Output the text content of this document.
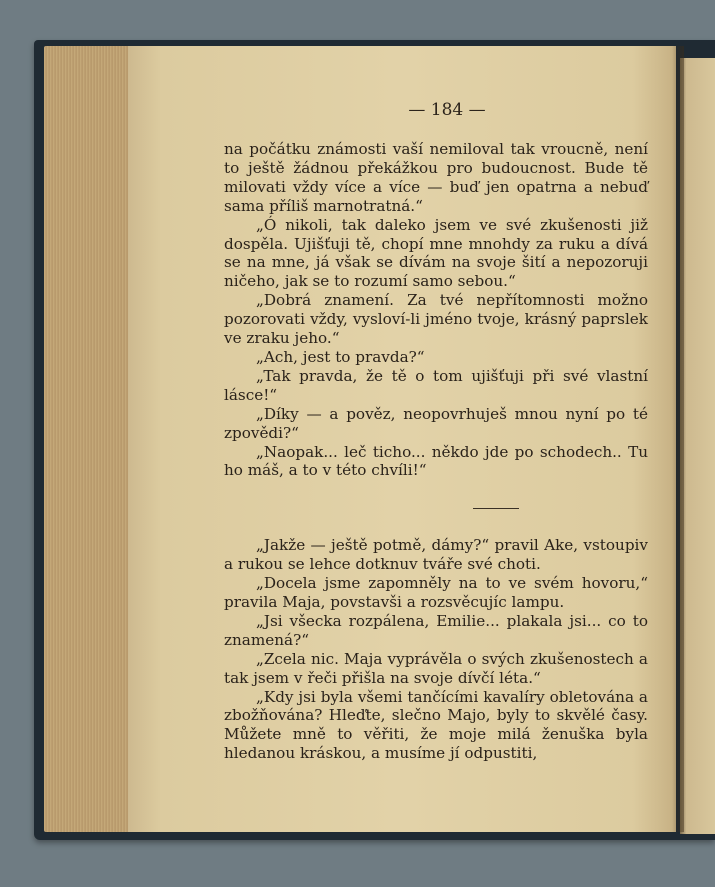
— 184 —

na počátku známosti vaší nemiloval tak vroucně, není to ještě žádnou překážkou pro budoucnost. Bude tě milovati vždy více a více — buď jen opatrna a nebuď sama příliš marnotratná.“

„Ó nikoli, tak daleko jsem ve své zkušenosti již dospěla. Ujišťuji tě, chopí mne mnohdy za ruku a dívá se na mne, já však se dívám na svoje šití a nepozoruji ničeho, jak se to rozumí samo sebou.“

„Dobrá znamení. Za tvé nepřítomnosti možno pozorovati vždy, vysloví-li jméno tvoje, krásný paprslek ve zraku jeho.“

„Ach, jest to pravda?“

„Tak pravda, že tě o tom ujišťuji při své vlastní lásce!“

„Díky — a pověz, neopovrhuješ mnou nyní po té zpovědi?“

„Naopak... leč ticho... někdo jde po schodech.. Tu ho máš, a to v této chvíli!“

„Jakže — ještě potmě, dámy?“ pravil Ake, vstoupiv a rukou se lehce dotknuv tváře své choti.

„Docela jsme zapomněly na to ve svém hovoru,“ pravila Maja, povstavši a rozsvěcujíc lampu.

„Jsi všecka rozpálena, Emilie... plakala jsi... co to znamená?“

„Zcela nic. Maja vyprávěla o svých zkušenostech a tak jsem v řeči přišla na svoje dívčí léta.“

„Kdy jsi byla všemi tančícími kavalíry obletována a zbožňována? Hleďte, slečno Majo, byly to skvělé časy. Můžete mně to věřiti, že moje milá ženuška byla hledanou kráskou, a musíme jí odpustiti,
